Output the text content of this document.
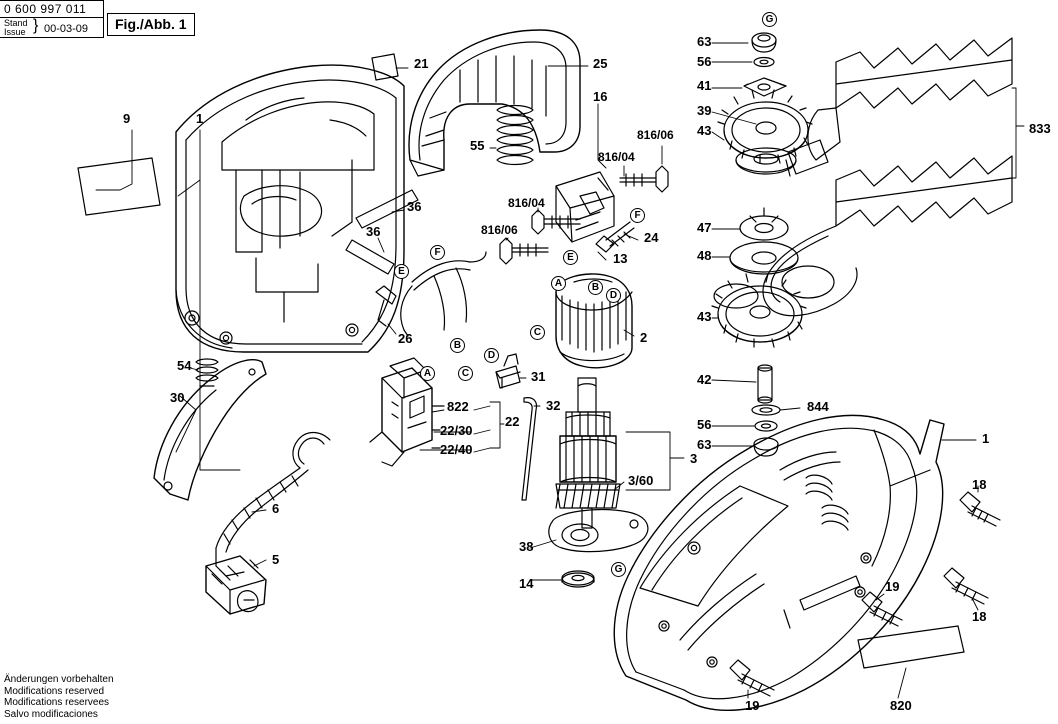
0 600 997 011
Stand
Issue } 00-03-09	Fig./Abb. 1
9	1
21	25
16
55
816/06
816/04
816/04
816/06
36
36	24
13
2
26
54
30
31
32
822
22
22/30
22/40
3
3/60
6
5
38
14
63
56
41
39
43
47
48
43
42
844
56
63
833
1
18
19
18
19	820
G
F
F	E
E
A	B
D
C
B
D
A	C
G
Änderungen vorbehalten
Modifications reserved
Modifications reservees
Salvo modificaciones
